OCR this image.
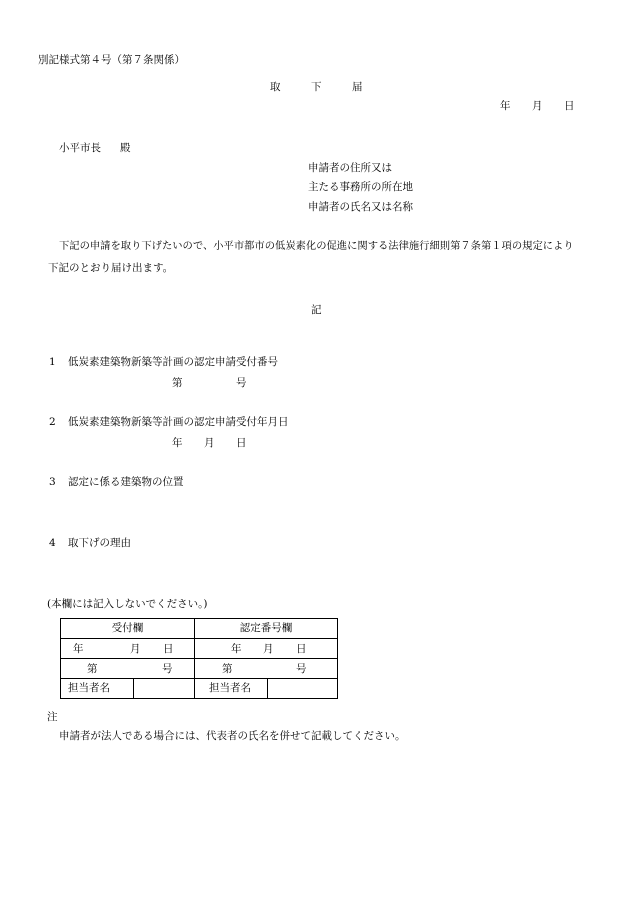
別記様式第４号（第７条関係）
取	下	届
年 月 日
小平市長 殿
申請者の住所又は
主たる事務所の所在地
申請者の氏名又は名称
下記の申請を取り下げたいので、小平市都市の低炭素化の促進に関する法律施行細則第７条第１項の規定により
下記のとおり届け出ます。
記
1 低炭素建築物新築等計画の認定申請受付番号
第	号
2 低炭素建築物新築等計画の認定申請受付年月日
年 月 日
3 認定に係る建築物の位置
4 取下げの理由
(本欄には記入しないでください。)
受付欄		認定番号欄	

年 月 日		年 月 日	

第 号		第 号	

担当者名		担当者名	
注
申請者が法人である場合には、代表者の氏名を併せて記載してください。
